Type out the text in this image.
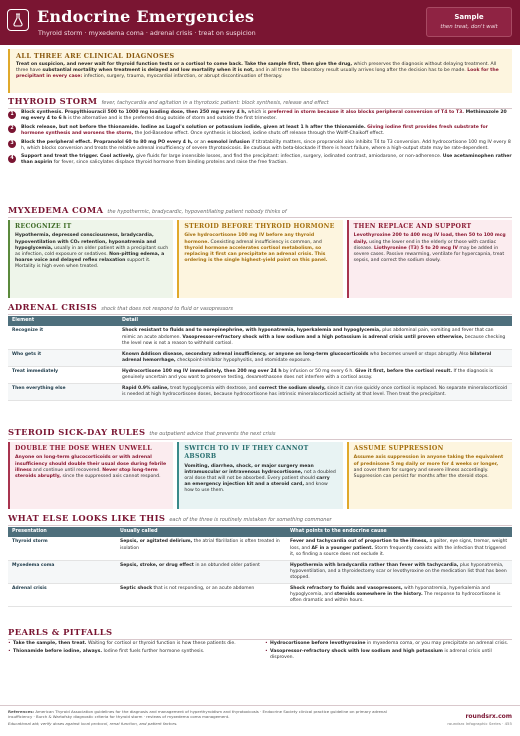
Endocrine Emergencies
Thyroid storm · myxedema coma · adrenal crisis · treat on suspicion
Sample
then treat, don't wait
ALL THREE ARE CLINICAL DIAGNOSES
Treat on suspicion, and never wait for thyroid function tests or a cortisol to come back. Take the sample first, then give the drug, which preserves the diagnosis without delaying treatment. All three have substantial mortality when treatment is delayed and low mortality when it is not, and in all three the laboratory result usually arrives long after the decision has to be made. Look for the precipitant in every case: infection, surgery, trauma, myocardial infarction, or abrupt discontinuation of therapy.
THYROID STORM fever, tachycardia and agitation in a thyrotoxic patient: block synthesis, release and effect
1	Block synthesis. Propylthiouracil 500 to 1000 mg loading dose, then 250 mg every 4 h, which is preferred in storm because it also blocks peripheral conversion of T4 to T3. Methimazole 20 mg every 4 to 6 h is the alternative and is the preferred drug outside of storm and outside the first trimester.
2	Block release, but not before the thionamide. Iodine as Lugol's solution or potassium iodide, given at least 1 h after the thionamide. Giving iodine first provides fresh substrate for hormone synthesis and worsens the storm, the Jod-Basedow effect. Once synthesis is blocked, iodine shuts off release through the Wolff-Chaikoff effect.
3	Block the peripheral effect. Propranolol 60 to 80 mg PO every 4 h, or an esmolol infusion if titratability matters, since propranolol also inhibits T4 to T3 conversion. Add hydrocortisone 100 mg IV every 8 h, which blocks conversion and treats the relative adrenal insufficiency of severe thyrotoxicosis. Be cautious with beta-blockade if there is heart failure, where a high-output state may be rate-dependent.
4	Support and treat the trigger. Cool actively, give fluids for large insensible losses, and find the precipitant: infection, surgery, iodinated contrast, amiodarone, or non-adherence. Use acetaminophen rather than aspirin for fever, since salicylates displace thyroid hormone from binding proteins and raise the free fraction.
MYXEDEMA COMA the hypothermic, bradycardic, hypoventilating patient nobody thinks of
RECOGNIZE IT
Hypothermia, depressed consciousness, bradycardia, hypoventilation with CO₂ retention, hyponatremia and hypoglycemia, usually in an older patient with a precipitant such as infection, cold exposure or sedatives. Non-pitting edema, a hoarse voice and delayed reflex relaxation support it. Mortality is high even when treated.
STEROID BEFORE THYROID HORMONE
Give hydrocortisone 100 mg IV before any thyroid hormone. Coexisting adrenal insufficiency is common, and thyroid hormone accelerates cortisol metabolism, so replacing it first can precipitate an adrenal crisis. This ordering is the single highest-yield point on this panel.
THEN REPLACE AND SUPPORT
Levothyroxine 200 to 400 mcg IV load, then 50 to 100 mcg daily, using the lower end in the elderly or those with cardiac disease. Liothyronine (T3) 5 to 20 mcg IV may be added in severe cases. Passive rewarming, ventilate for hypercapnia, treat sepsis, and correct the sodium slowly.
ADRENAL CRISIS shock that does not respond to fluid or vasopressors
Element	Detail
Recognize it	Shock resistant to fluids and to norepinephrine, with hyponatremia, hyperkalemia and hypoglycemia, plus abdominal pain, vomiting and fever that can mimic an acute abdomen. Vasopressor-refractory shock with a low sodium and a high potassium is adrenal crisis until proven otherwise, because checking the level now is not a reason to withhold cortisol.
Who gets it	Known Addison disease, secondary adrenal insufficiency, or anyone on long-term glucocorticoids who becomes unwell or stops abruptly. Also bilateral adrenal hemorrhage, checkpoint-inhibitor hypophysitis, and etomidate exposure.
Treat immediately	Hydrocortisone 100 mg IV immediately, then 200 mg over 24 h by infusion or 50 mg every 6 h. Give it first, before the cortisol result. If the diagnosis is genuinely uncertain and you want to preserve testing, dexamethasone does not interfere with a cortisol assay.
Then everything else	Rapid 0.9% saline, treat hypoglycemia with dextrose, and correct the sodium slowly, since it can rise quickly once cortisol is replaced. No separate mineralocorticoid is needed at high hydrocortisone doses, because hydrocortisone has intrinsic mineralocorticoid activity at that level. Then treat the precipitant.
STEROID SICK-DAY RULES the outpatient advice that prevents the next crisis
DOUBLE THE DOSE WHEN UNWELL
Anyone on long-term glucocorticoids or with adrenal insufficiency should double their usual dose during febrile illness and continue until recovered. Never stop long-term steroids abruptly, since the suppressed axis cannot respond.
SWITCH TO IV IF THEY CANNOT ABSORB
Vomiting, diarrhea, shock, or major surgery mean intramuscular or intravenous hydrocortisone, not a doubled oral dose that will not be absorbed. Every patient should carry an emergency injection kit and a steroid card, and know how to use them.
ASSUME SUPPRESSION
Assume axis suppression in anyone taking the equivalent of prednisone 5 mg daily or more for 4 weeks or longer, and cover them for surgery and severe illness accordingly. Suppression can persist for months after the steroid stops.
WHAT ELSE LOOKS LIKE THIS each of the three is routinely mistaken for something commoner
Presentation	Usually called	What points to the endocrine cause
Thyroid storm	Sepsis, or agitated delirium, the atrial fibrillation is often treated in isolation	Fever and tachycardia out of proportion to the illness, a goiter, eye signs, tremor, weight loss, and AF in a younger patient. Storm frequently coexists with the infection that triggered it, so finding a source does not exclude it.
Myxedema coma	Sepsis, stroke, or drug effect in an obtunded older patient	Hypothermia with bradycardia rather than fever with tachycardia, plus hyponatremia, hypoventilation, and a thyroidectomy scar or levothyroxine on the medication list that has been stopped.
Adrenal crisis	Septic shock that is not responding, or an acute abdomen	Shock refractory to fluids and vasopressors, with hyponatremia, hyperkalemia and hypoglycemia, and steroids somewhere in the history. The response to hydrocortisone is often dramatic and within hours.
PEARLS & PITFALLS
• Take the sample, then treat. Waiting for cortisol or thyroid function is how these patients die.
• Thionamide before iodine, always. Iodine first fuels further hormone synthesis.
• Hydrocortisone before levothyroxine in myxedema coma, or you may precipitate an adrenal crisis.
• Vasopressor-refractory shock with low sodium and high potassium is adrenal crisis until disproven.
References: American Thyroid Association guidelines for the diagnosis and management of hyperthyroidism and thyrotoxicosis · Endocrine Society clinical practice guideline on primary adrenal insufficiency · Burch & Wartofsky diagnostic criteria for thyroid storm · reviews of myxedema coma management.
Educational aid; verify doses against local protocol, renal function, and patient factors.
roundsrx.com
roundsrx Infographic Series · 455
